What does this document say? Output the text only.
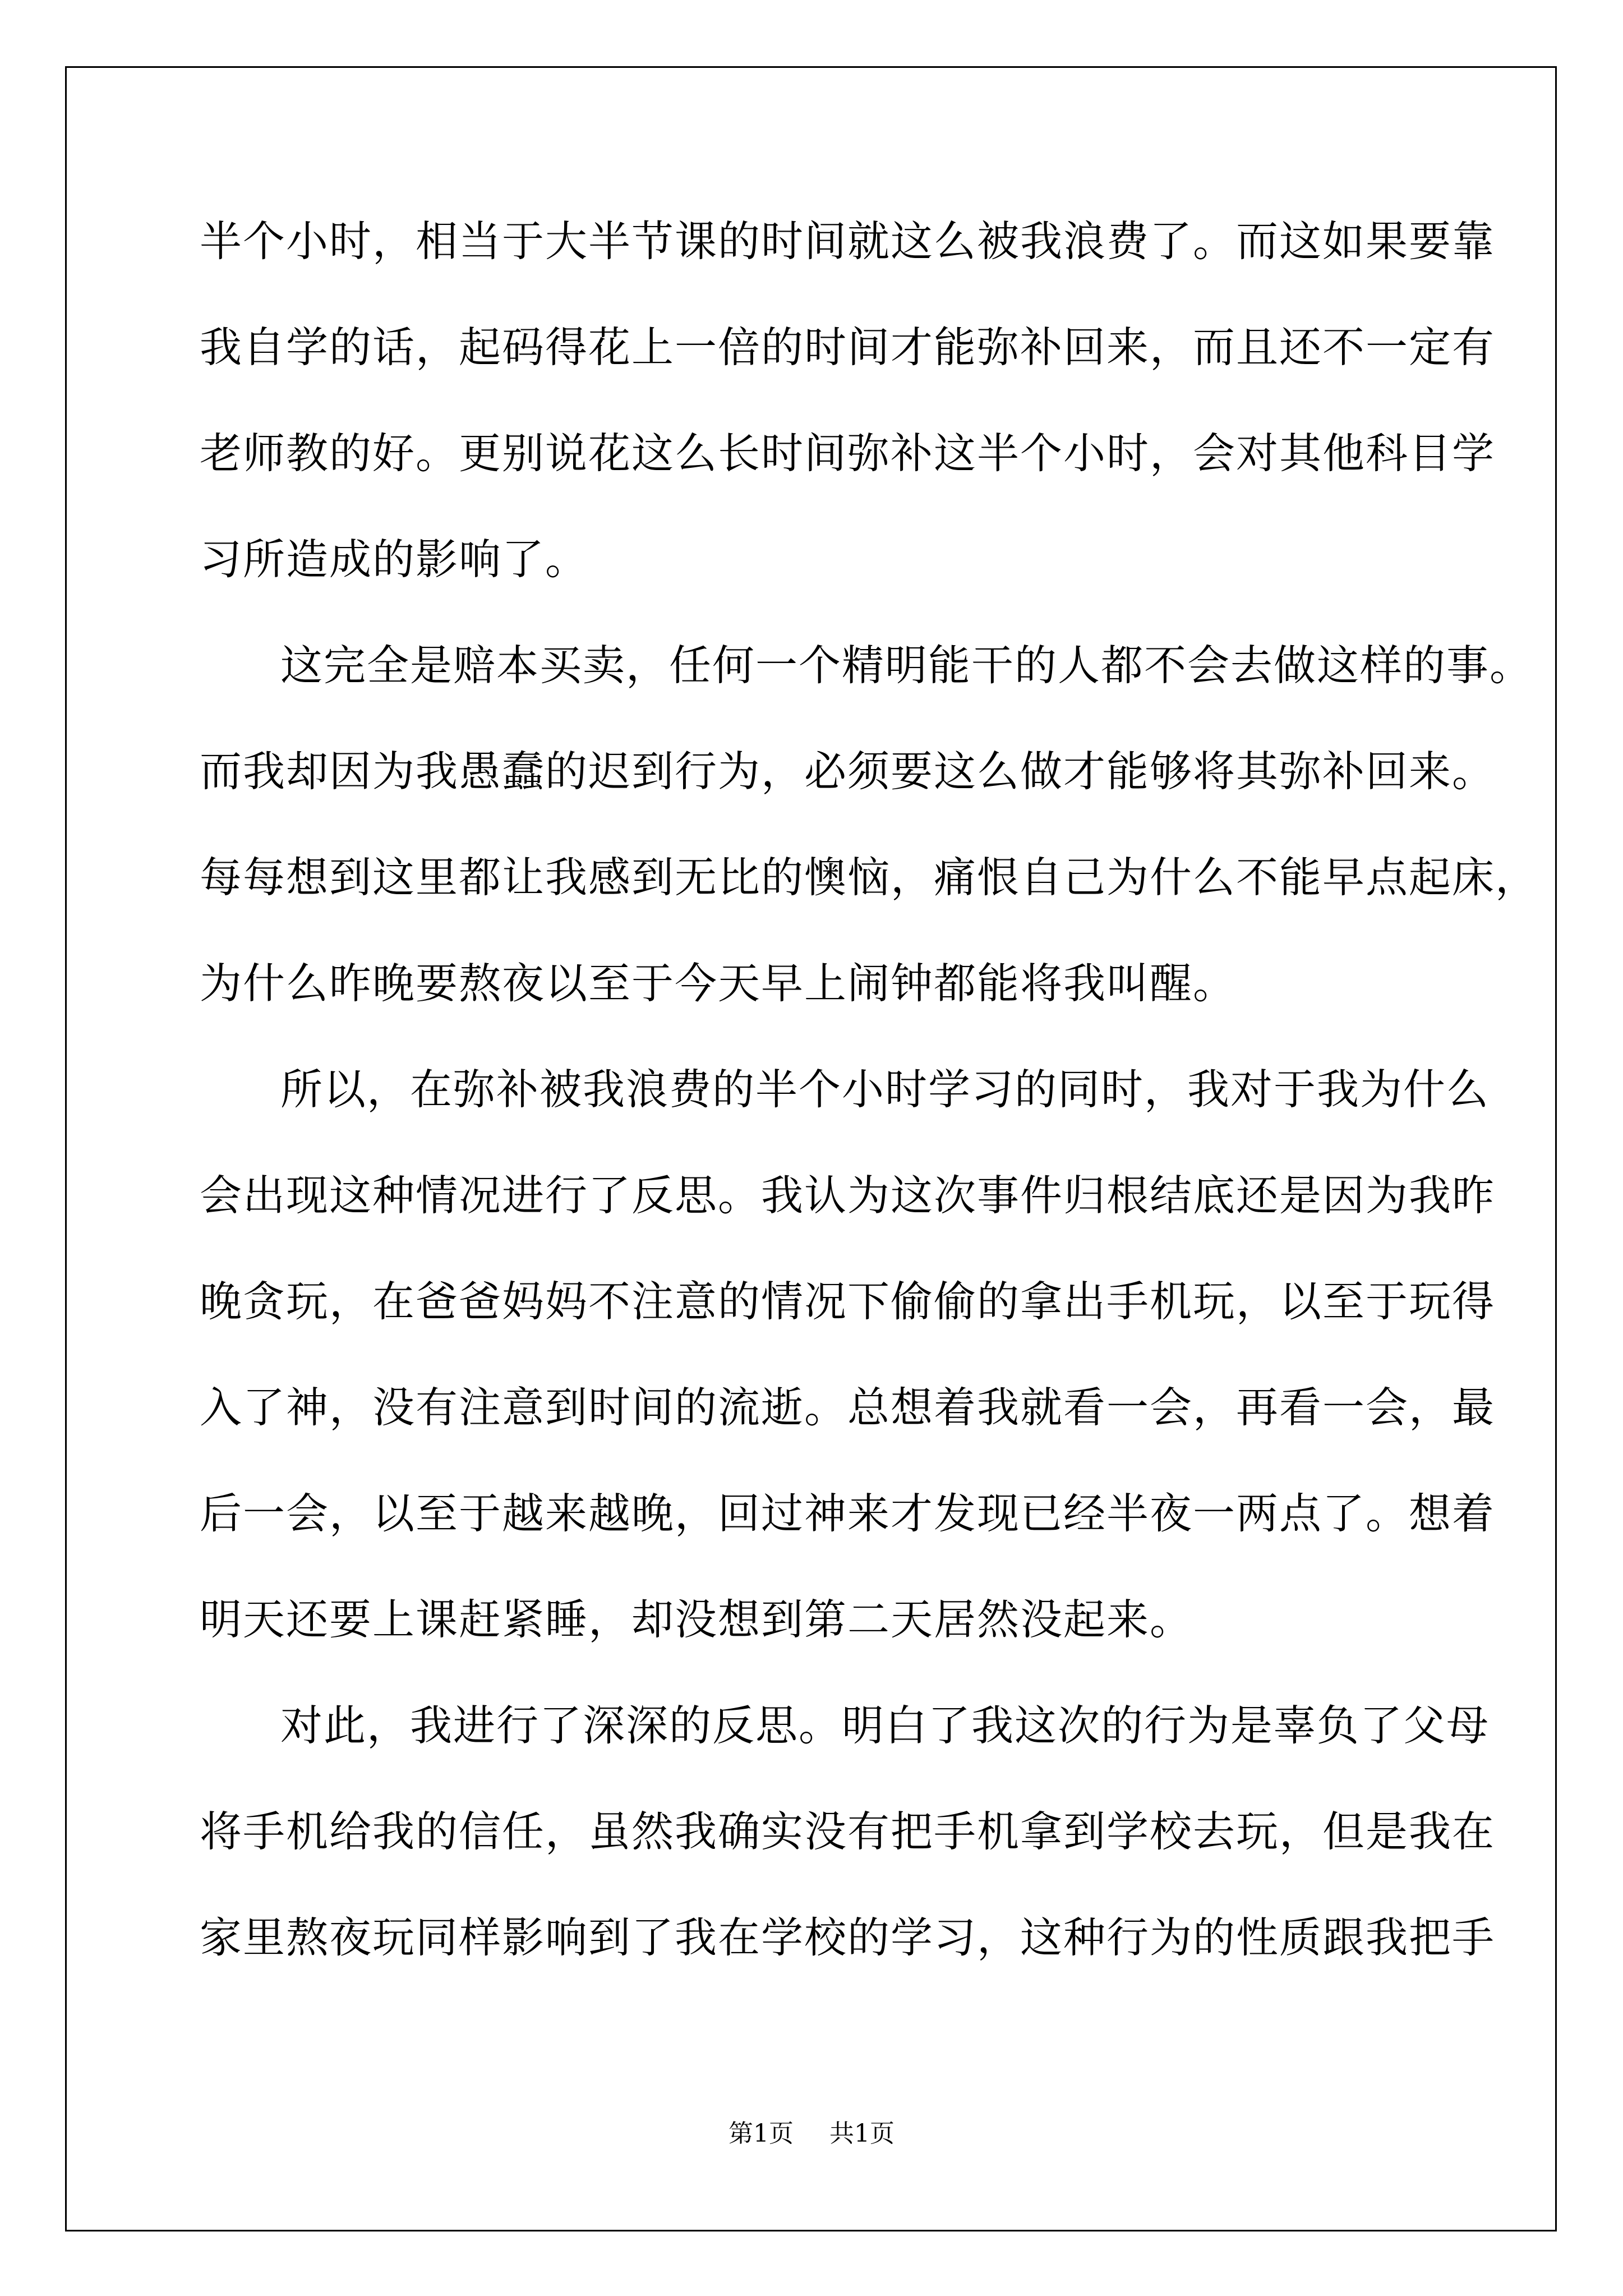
半个小时，相当于大半节课的时间就这么被我浪费了。而这如果要靠
我自学的话，起码得花上一倍的时间才能弥补回来，而且还不一定有
老师教的好。更别说花这么长时间弥补这半个小时，会对其他科目学
习所造成的影响了。
这完全是赔本买卖，任何一个精明能干的人都不会去做这样的事。
而我却因为我愚蠢的迟到行为，必须要这么做才能够将其弥补回来。
每每想到这里都让我感到无比的懊恼，痛恨自己为什么不能早点起床，
为什么昨晚要熬夜以至于今天早上闹钟都能将我叫醒。
所以，在弥补被我浪费的半个小时学习的同时，我对于我为什么
会出现这种情况进行了反思。我认为这次事件归根结底还是因为我昨
晚贪玩，在爸爸妈妈不注意的情况下偷偷的拿出手机玩，以至于玩得
入了神，没有注意到时间的流逝。总想着我就看一会，再看一会，最
后一会，以至于越来越晚，回过神来才发现已经半夜一两点了。想着
明天还要上课赶紧睡，却没想到第二天居然没起来。
对此，我进行了深深的反思。明白了我这次的行为是辜负了父母
将手机给我的信任，虽然我确实没有把手机拿到学校去玩，但是我在
家里熬夜玩同样影响到了我在学校的学习，这种行为的性质跟我把手
第1页 共1页
